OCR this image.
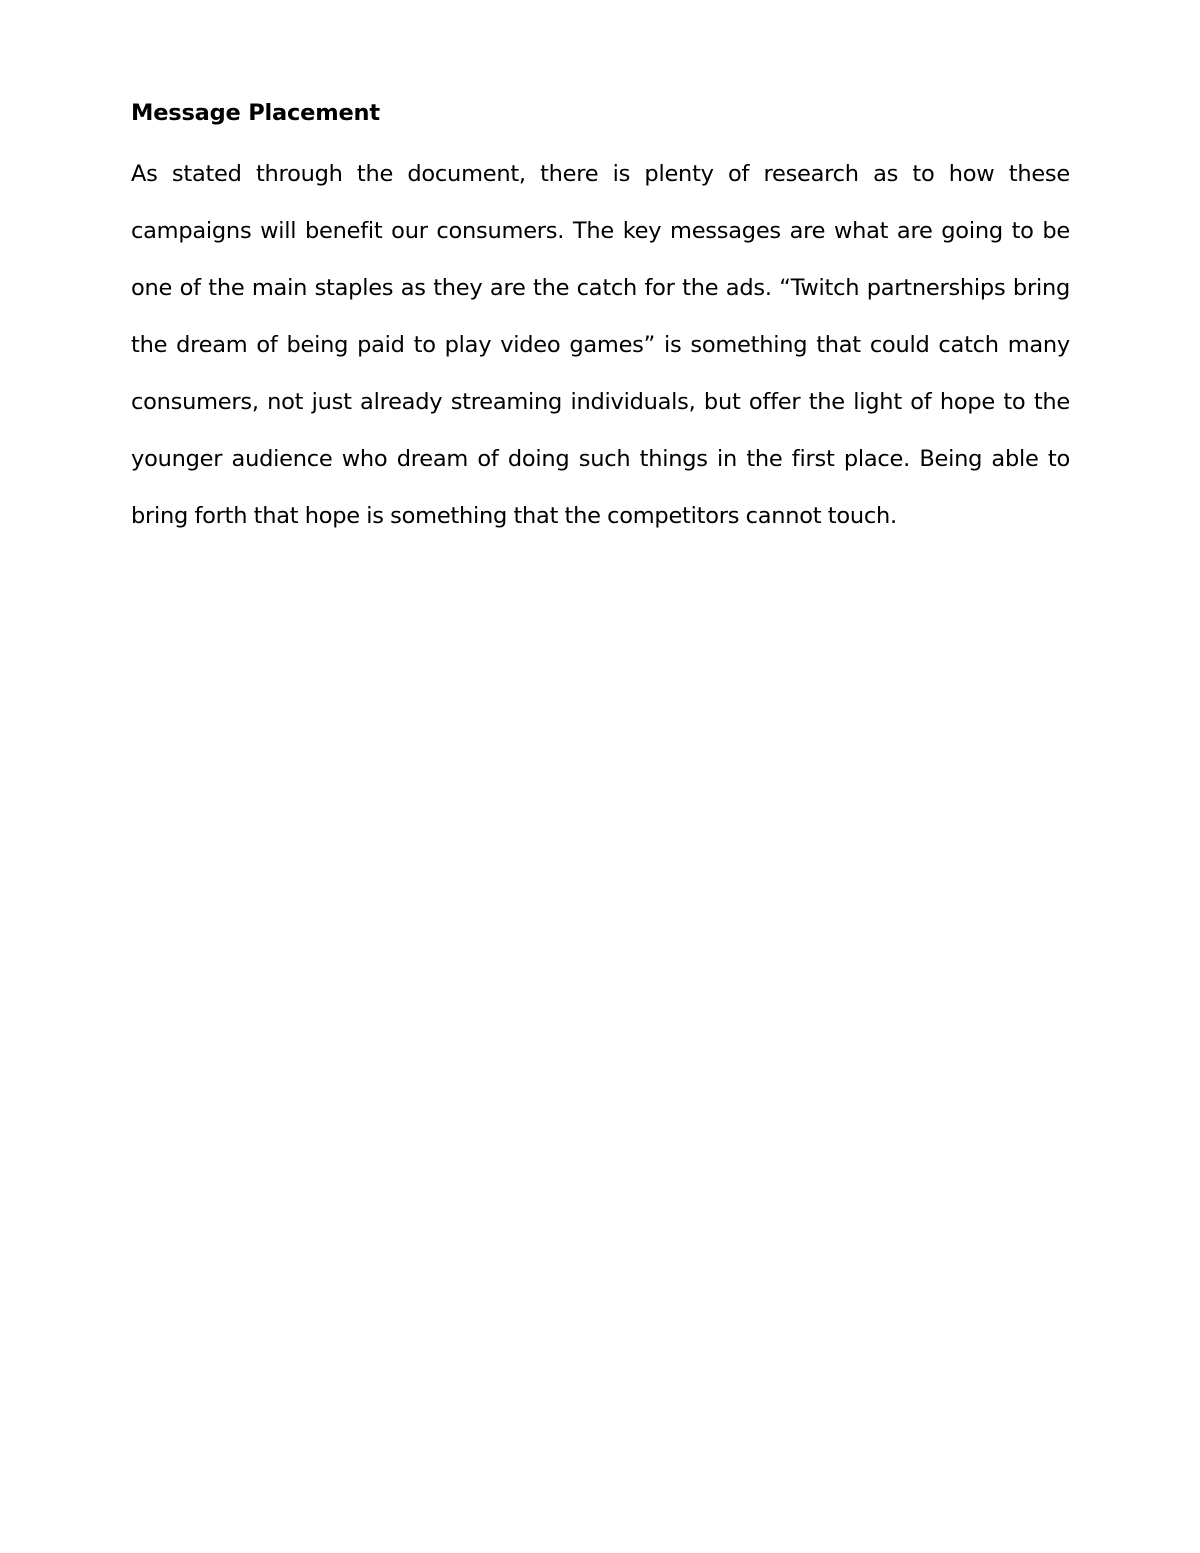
Message Placement

As stated through the document, there is plenty of research as to how these campaigns will benefit our consumers. The key messages are what are going to be one of the main staples as they are the catch for the ads. “Twitch partnerships bring the dream of being paid to play video games” is something that could catch many consumers, not just already streaming individuals, but offer the light of hope to the younger audience who dream of doing such things in the first place. Being able to bring forth that hope is something that the competitors cannot touch.
